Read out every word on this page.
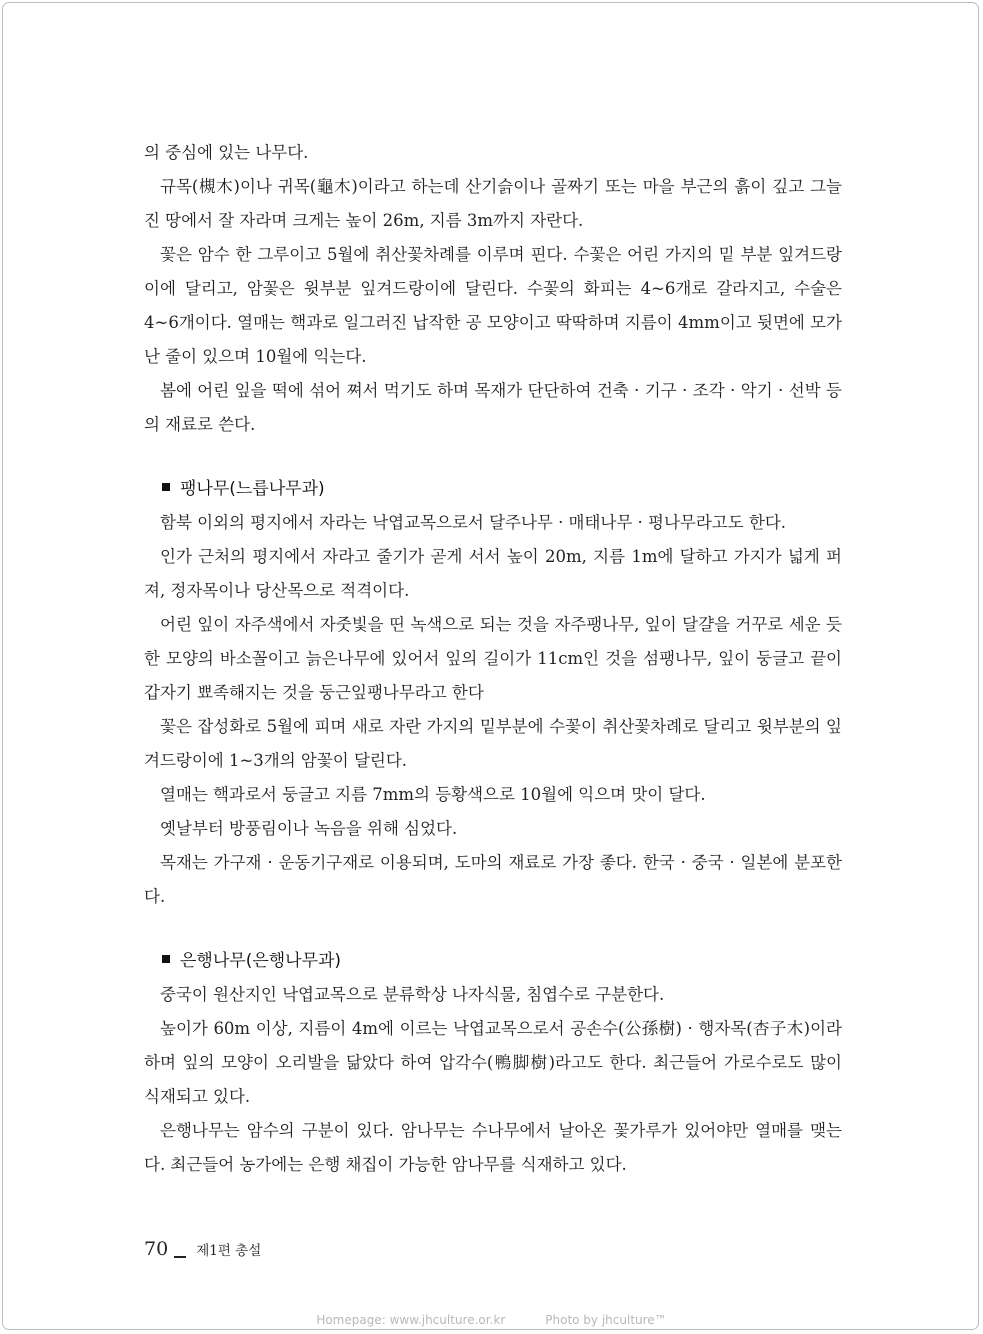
의 중심에 있는 나무다.

규목(槻木)이나 귀목(龜木)이라고 하는데 산기슭이나 골짜기 또는 마을 부근의 흙이 깊고 그늘진 땅에서 잘 자라며 크게는 높이 26m, 지름 3m까지 자란다.

꽃은 암수 한 그루이고 5월에 취산꽃차례를 이루며 핀다. 수꽃은 어린 가지의 밑 부분 잎겨드랑이에 달리고, 암꽃은 윗부분 잎겨드랑이에 달린다. 수꽃의 화피는 4~6개로 갈라지고, 수술은 4~6개이다. 열매는 핵과로 일그러진 납작한 공 모양이고 딱딱하며 지름이 4mm이고 뒷면에 모가 난 줄이 있으며 10월에 익는다.

봄에 어린 잎을 떡에 섞어 쪄서 먹기도 하며 목재가 단단하여 건축 · 기구 · 조각 · 악기 · 선박 등의 재료로 쓴다.

팽나무(느릅나무과)

함북 이외의 평지에서 자라는 낙엽교목으로서 달주나무 · 매태나무 · 평나무라고도 한다.

인가 근처의 평지에서 자라고 줄기가 곧게 서서 높이 20m, 지름 1m에 달하고 가지가 넓게 퍼져, 정자목이나 당산목으로 적격이다.

어린 잎이 자주색에서 자줏빛을 띤 녹색으로 되는 것을 자주팽나무, 잎이 달걀을 거꾸로 세운 듯한 모양의 바소꼴이고 늙은나무에 있어서 잎의 길이가 11cm인 것을 섬팽나무, 잎이 둥글고 끝이 갑자기 뾰족해지는 것을 둥근잎팽나무라고 한다

꽃은 잡성화로 5월에 피며 새로 자란 가지의 밑부분에 수꽃이 취산꽃차례로 달리고 윗부분의 잎겨드랑이에 1~3개의 암꽃이 달린다.

열매는 핵과로서 둥글고 지름 7mm의 등황색으로 10월에 익으며 맛이 달다.

옛날부터 방풍림이나 녹음을 위해 심었다.

목재는 가구재 · 운동기구재로 이용되며, 도마의 재료로 가장 좋다. 한국 · 중국 · 일본에 분포한다.

은행나무(은행나무과)

중국이 원산지인 낙엽교목으로 분류학상 나자식물, 침엽수로 구분한다.

높이가 60m 이상, 지름이 4m에 이르는 낙엽교목으로서 공손수(公孫樹) · 행자목(杏子木)이라 하며 잎의 모양이 오리발을 닮았다 하여 압각수(鴨脚樹)라고도 한다. 최근들어 가로수로도 많이 식재되고 있다.

은행나무는 암수의 구분이 있다. 암나무는 수나무에서 날아온 꽃가루가 있어야만 열매를 맺는다. 최근들어 농가에는 은행 채집이 가능한 암나무를 식재하고 있다.

70 제1편 총설
Homepage: www.jhculture.or.kr	Photo by jhculture™
